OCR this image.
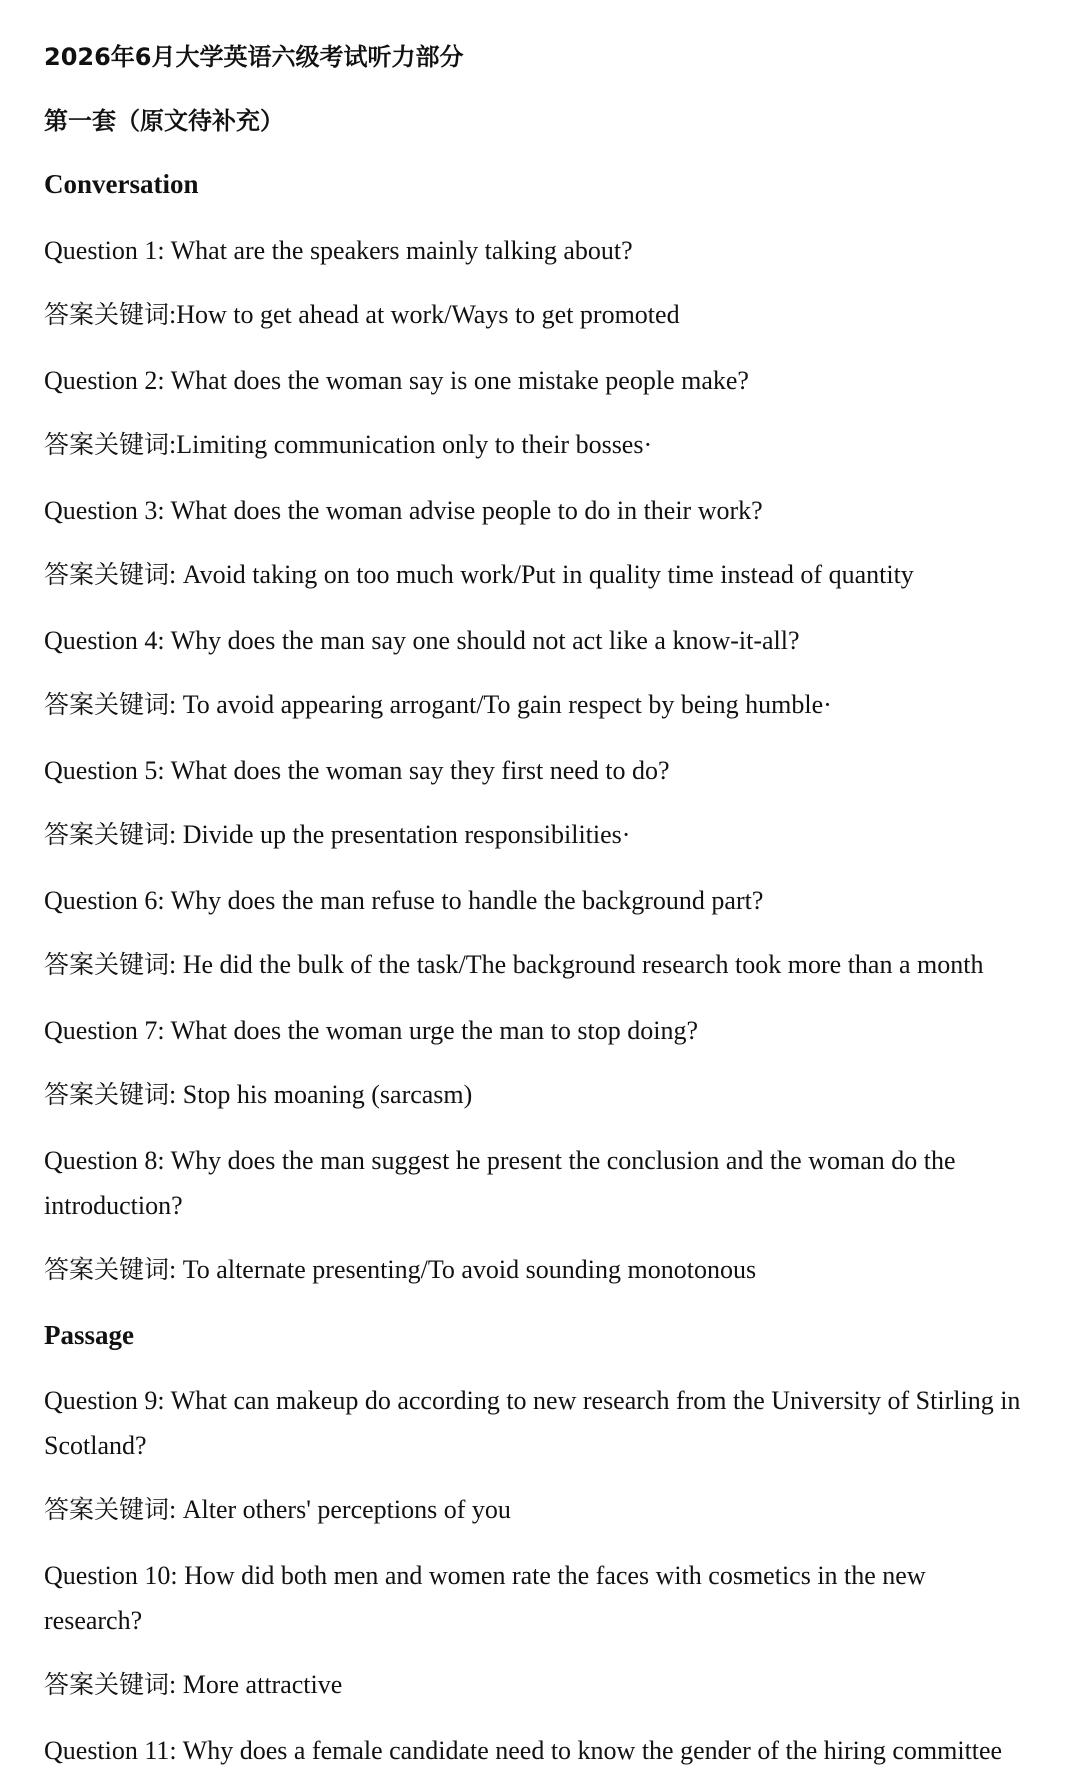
2026年6月大学英语六级考试听力部分
第一套（原文待补充）
Conversation
Question 1: What are the speakers mainly talking about?
答案关键词:How to get ahead at work/Ways to get promoted
Question 2: What does the woman say is one mistake people make?
答案关键词:Limiting communication only to their bosses·
Question 3: What does the woman advise people to do in their work?
答案关键词: Avoid taking on too much work/Put in quality time instead of quantity
Question 4: Why does the man say one should not act like a know-it-all?
答案关键词: To avoid appearing arrogant/To gain respect by being humble·
Question 5: What does the woman say they first need to do?
答案关键词: Divide up the presentation responsibilities·
Question 6: Why does the man refuse to handle the background part?
答案关键词: He did the bulk of the task/The background research took more than a month
Question 7: What does the woman urge the man to stop doing?
答案关键词: Stop his moaning (sarcasm)
Question 8: Why does the man suggest he present the conclusion and the woman do the
introduction?
答案关键词: To alternate presenting/To avoid sounding monotonous
Passage
Question 9: What can makeup do according to new research from the University of Stirling in
Scotland?
答案关键词: Alter others' perceptions of you
Question 10: How did both men and women rate the faces with cosmetics in the new
research?
答案关键词: More attractive
Question 11: Why does a female candidate need to know the gender of the hiring committee
